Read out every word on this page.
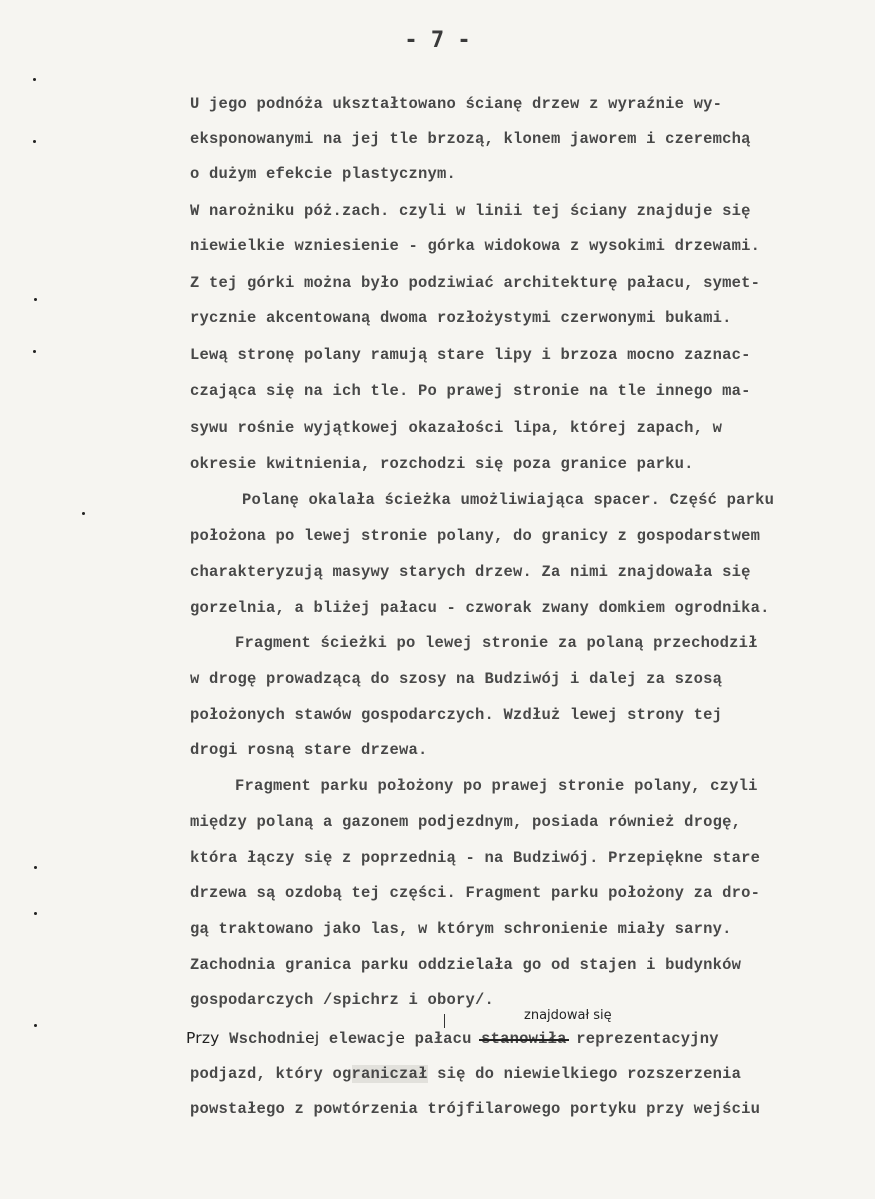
- 7 -
U jego podnóża ukształtowano ścianę drzew z wyraźnie wy-
eksponowanymi na jej tle brzozą, klonem jaworem i czeremchą
o dużym efekcie plastycznym.
W narożniku póż.zach. czyli w linii tej ściany znajduje się
niewielkie wzniesienie - górka widokowa z wysokimi drzewami.
Z tej górki można było podziwiać architekturę pałacu, symet-
rycznie akcentowaną dwoma rozłożystymi czerwonymi bukami.
Lewą stronę polany ramują stare lipy i brzoza mocno zaznac-
czająca się na ich tle. Po prawej stronie na tle innego ma-
sywu rośnie wyjątkowej okazałości lipa, której zapach, w
okresie kwitnienia, rozchodzi się poza granice parku.
Polanę okalała ścieżka umożliwiająca spacer. Część parku
położona po lewej stronie polany, do granicy z gospodarstwem
charakteryzują masywy starych drzew. Za nimi znajdowała się
gorzelnia, a bliżej pałacu - czworak zwany domkiem ogrodnika.
Fragment ścieżki po lewej stronie za polaną przechodził
w drogę prowadzącą do szosy na Budziwój i dalej za szosą
położonych stawów gospodarczych. Wzdłuż lewej strony tej
drogi rosną stare drzewa.
Fragment parku położony po prawej stronie polany, czyli
między polaną a gazonem podjezdnym, posiada również drogę,
która łączy się z poprzednią - na Budziwój. Przepiękne stare
drzewa są ozdobą tej części. Fragment parku położony za dro-
gą traktowano jako las, w którym schronienie miały sarny.
Zachodnia granica parku oddzielała go od stajen i budynków
gospodarczych /spichrz i obory/.
znajdował się
Przy Wschodniej elewacje pałacu stanowiła reprezentacyjny
podjazd, który ograniczał się do niewielkiego rozszerzenia
powstałego z powtórzenia trójfilarowego portyku przy wejściu
